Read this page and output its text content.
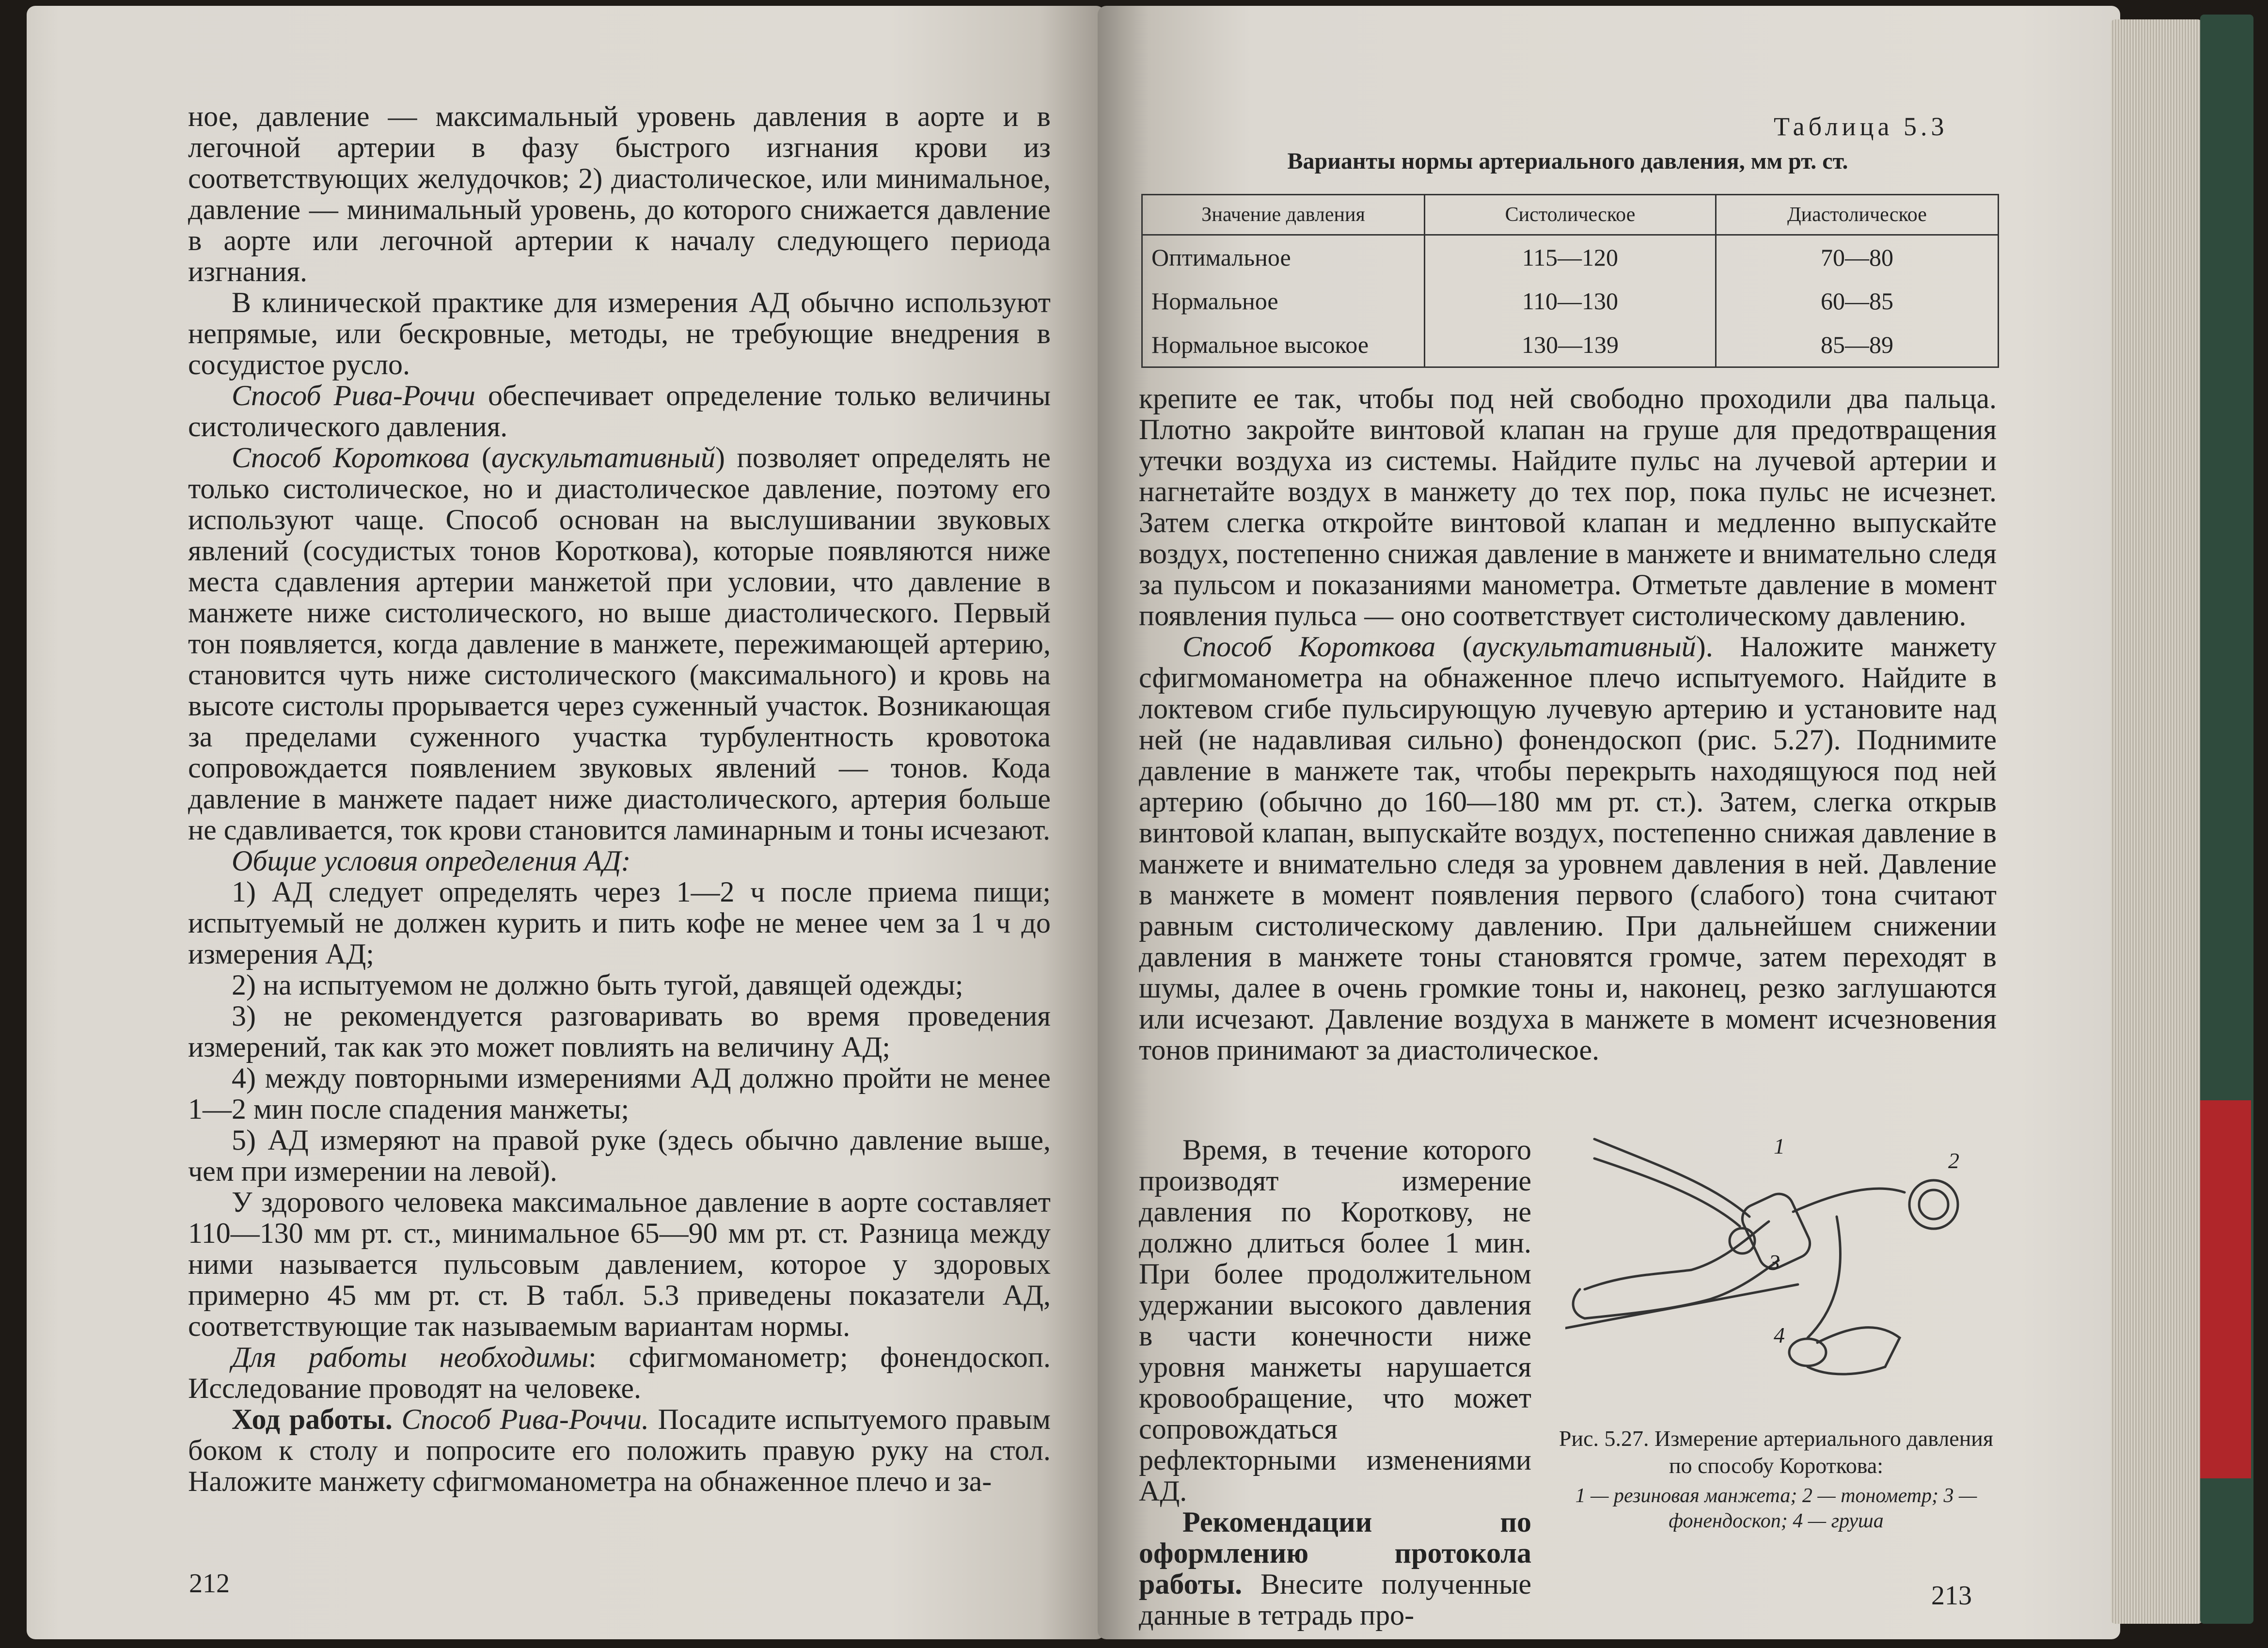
ное, давление — максимальный уровень давления в аорте и в легочной артерии в фазу быстрого изгнания крови из соответствующих желудочков; 2) диастолическое, или минимальное, давление — минимальный уровень, до которого снижается давление в аорте или легочной артерии к началу следующего периода изгнания.

В клинической практике для измерения АД обычно используют непрямые, или бескровные, методы, не требующие внедрения в сосудистое русло.

Способ Рива-Роччи обеспечивает определение только величины систолического давления.

Способ Короткова (аускультативный) позволяет определять не только систолическое, но и диастолическое давление, поэтому его используют чаще. Способ основан на выслушивании звуковых явлений (сосудистых тонов Короткова), которые появляются ниже места сдавления артерии манжетой при условии, что давление в манжете ниже систолического, но выше диастолического. Первый тон появляется, когда давление в манжете, пережимающей артерию, становится чуть ниже систолического (максимального) и кровь на высоте систолы прорывается через суженный участок. Возникающая за пределами суженного участка турбулентность кровотока сопровождается появлением звуковых явлений — тонов. Кода давление в манжете падает ниже диастолического, артерия больше не сдавливается, ток крови становится ламинарным и тоны исчезают.

Общие условия определения АД:

1) АД следует определять через 1—2 ч после приема пищи; испытуемый не должен курить и пить кофе не менее чем за 1 ч до измерения АД;

2) на испытуемом не должно быть тугой, давящей одежды;

3) не рекомендуется разговаривать во время проведения измерений, так как это может повлиять на величину АД;

4) между повторными измерениями АД должно пройти не менее 1—2 мин после спадения манжеты;

5) АД измеряют на правой руке (здесь обычно давление выше, чем при измерении на левой).

У здорового человека максимальное давление в аорте составляет 110—130 мм рт. ст., минимальное 65—90 мм рт. ст. Разница между ними называется пульсовым давлением, которое у здоровых примерно 45 мм рт. ст. В табл. 5.3 приведены показатели АД, соответствующие так называемым вариантам нормы.

Для работы необходимы: сфигмоманометр; фонендоскоп. Исследование проводят на человеке.

Ход работы. Способ Рива-Роччи. Посадите испытуемого правым боком к столу и попросите его положить правую руку на стол. Наложите манжету сфигмоманометра на обнаженное плечо и за-

212
Таблица 5.3
Варианты нормы артериального давления, мм рт. ст.
Значение давления	Систолическое	Диастолическое
Оптимальное	115—120	70—80
Нормальное	110—130	60—85
Нормальное высокое	130—139	85—89

крепите ее так, чтобы под ней свободно проходили два пальца. Плотно закройте винтовой клапан на груше для предотвращения утечки воздуха из системы. Найдите пульс на лучевой артерии и нагнетайте воздух в манжету до тех пор, пока пульс не исчезнет. Затем слегка откройте винтовой клапан и медленно выпускайте воздух, постепенно снижая давление в манжете и внимательно следя за пульсом и показаниями манометра. Отметьте давление в момент появления пульса — оно соответствует систолическому давлению.

Способ Короткова (аускультативный). Наложите манжету сфигмоманометра на обнаженное плечо испытуемого. Найдите в локтевом сгибе пульсирующую лучевую артерию и установите над ней (не надавливая сильно) фонендоскоп (рис. 5.27). Поднимите давление в манжете так, чтобы перекрыть находящуюся под ней артерию (обычно до 160—180 мм рт. ст.). Затем, слегка открыв винтовой клапан, выпускайте воздух, постепенно снижая давление в манжете и внимательно следя за уровнем давления в ней. Давление в манжете в момент появления первого (слабого) тона считают равным систолическому давлению. При дальнейшем снижении давления в манжете тоны становятся громче, затем переходят в шумы, далее в очень громкие тоны и, наконец, резко заглушаются или исчезают. Давление воздуха в манжете в момент исчезновения тонов принимают за диастолическое.

Время, в течение которого производят измерение давления по Короткову, не должно длиться более 1 мин. При более продолжительном удержании высокого давления в части конечности ниже уровня манжеты нарушается кровообращение, что может сопровождаться рефлекторными изменениями АД.

Рекомендации по оформлению протокола работы. Внесите полученные данные в тетрадь про-

1
2
3
4
Рис. 5.27. Измерение артериального давления по способу Короткова:
1 — резиновая манжета; 2 — тонометр; 3 — фонендоскоп; 4 — груша
213
